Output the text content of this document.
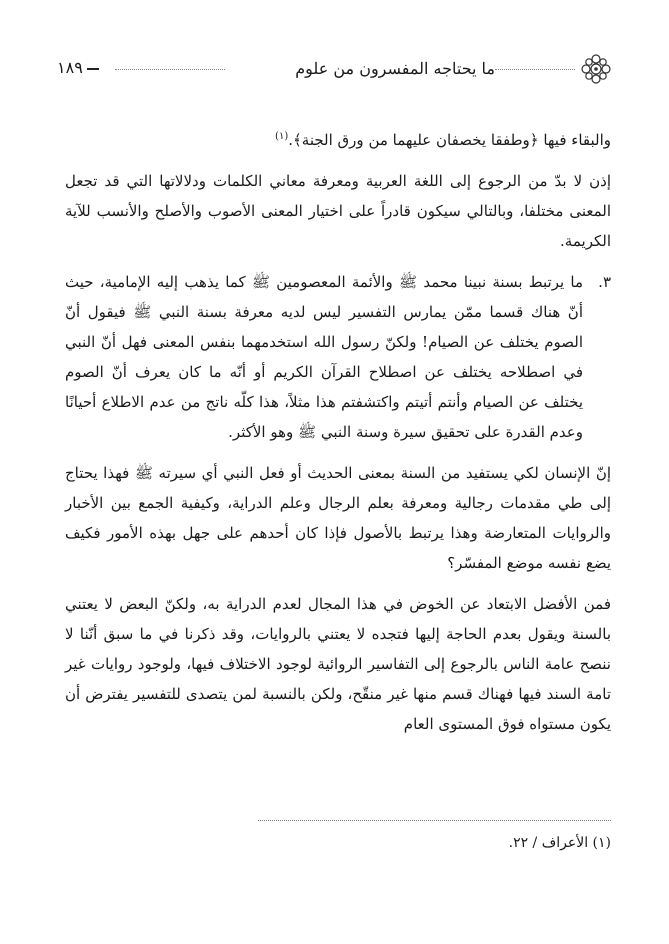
ما يحتاجه المفسرون من علوم
١٨٩

والبقاء فيها ﴿وطفقا يخصفان عليهما من ورق الجنة﴾.$^{(١)}$

إذن لا بدّ من الرجوع إلى اللغة العربية ومعرفة معاني الكلمات ودلالاتها التي قد تجعل المعنى مختلفا، وبالتالي سيكون قادراً على اختيار المعنى الأصوب والأصلح والأنسب للآية الكريمة.

٣.
ما يرتبط بسنة نبينا محمد ﷺ والأئمة المعصومين ﷺ كما يذهب إليه الإمامية، حيث أنّ هناك قسما ممّن يمارس التفسير ليس لديه معرفة بسنة النبي ﷺ فيقول أنّ الصوم يختلف عن الصيام! ولكنّ رسول الله استخدمهما بنفس المعنى فهل أنّ النبي في اصطلاحه يختلف عن اصطلاح القرآن الكريم أو أنّه ما كان يعرف أنّ الصوم يختلف عن الصيام وأنتم أتيتم واكتشفتم هذا مثلاً، هذا كلّه ناتج من عدم الاطلاع أحيانًا وعدم القدرة على تحقيق سيرة وسنة النبي ﷺ وهو الأكثر.

إنّ الإنسان لكي يستفيد من السنة بمعنى الحديث أو فعل النبي أي سيرته ﷺ فهذا يحتاج إلى طي مقدمات رجالية ومعرفة بعلم الرجال وعلم الدراية، وكيفية الجمع بين الأخبار والروايات المتعارضة وهذا يرتبط بالأصول فإذا كان أحدهم على جهل بهذه الأمور فكيف يضع نفسه موضع المفسّر؟

فمن الأفضل الابتعاد عن الخوض في هذا المجال لعدم الدراية به، ولكنّ البعض لا يعتني بالسنة ويقول بعدم الحاجة إليها فتجده لا يعتني بالروايات، وقد ذكرنا في ما سبق أنّنا لا ننصح عامة الناس بالرجوع إلى التفاسير الروائية لوجود الاختلاف فيها، ولوجود روايات غير تامة السند فيها فهناك قسم منها غير منقّح، ولكن بالنسبة لمن يتصدى للتفسير يفترض أن يكون مستواه فوق المستوى العام

(١) الأعراف / ٢٢.
